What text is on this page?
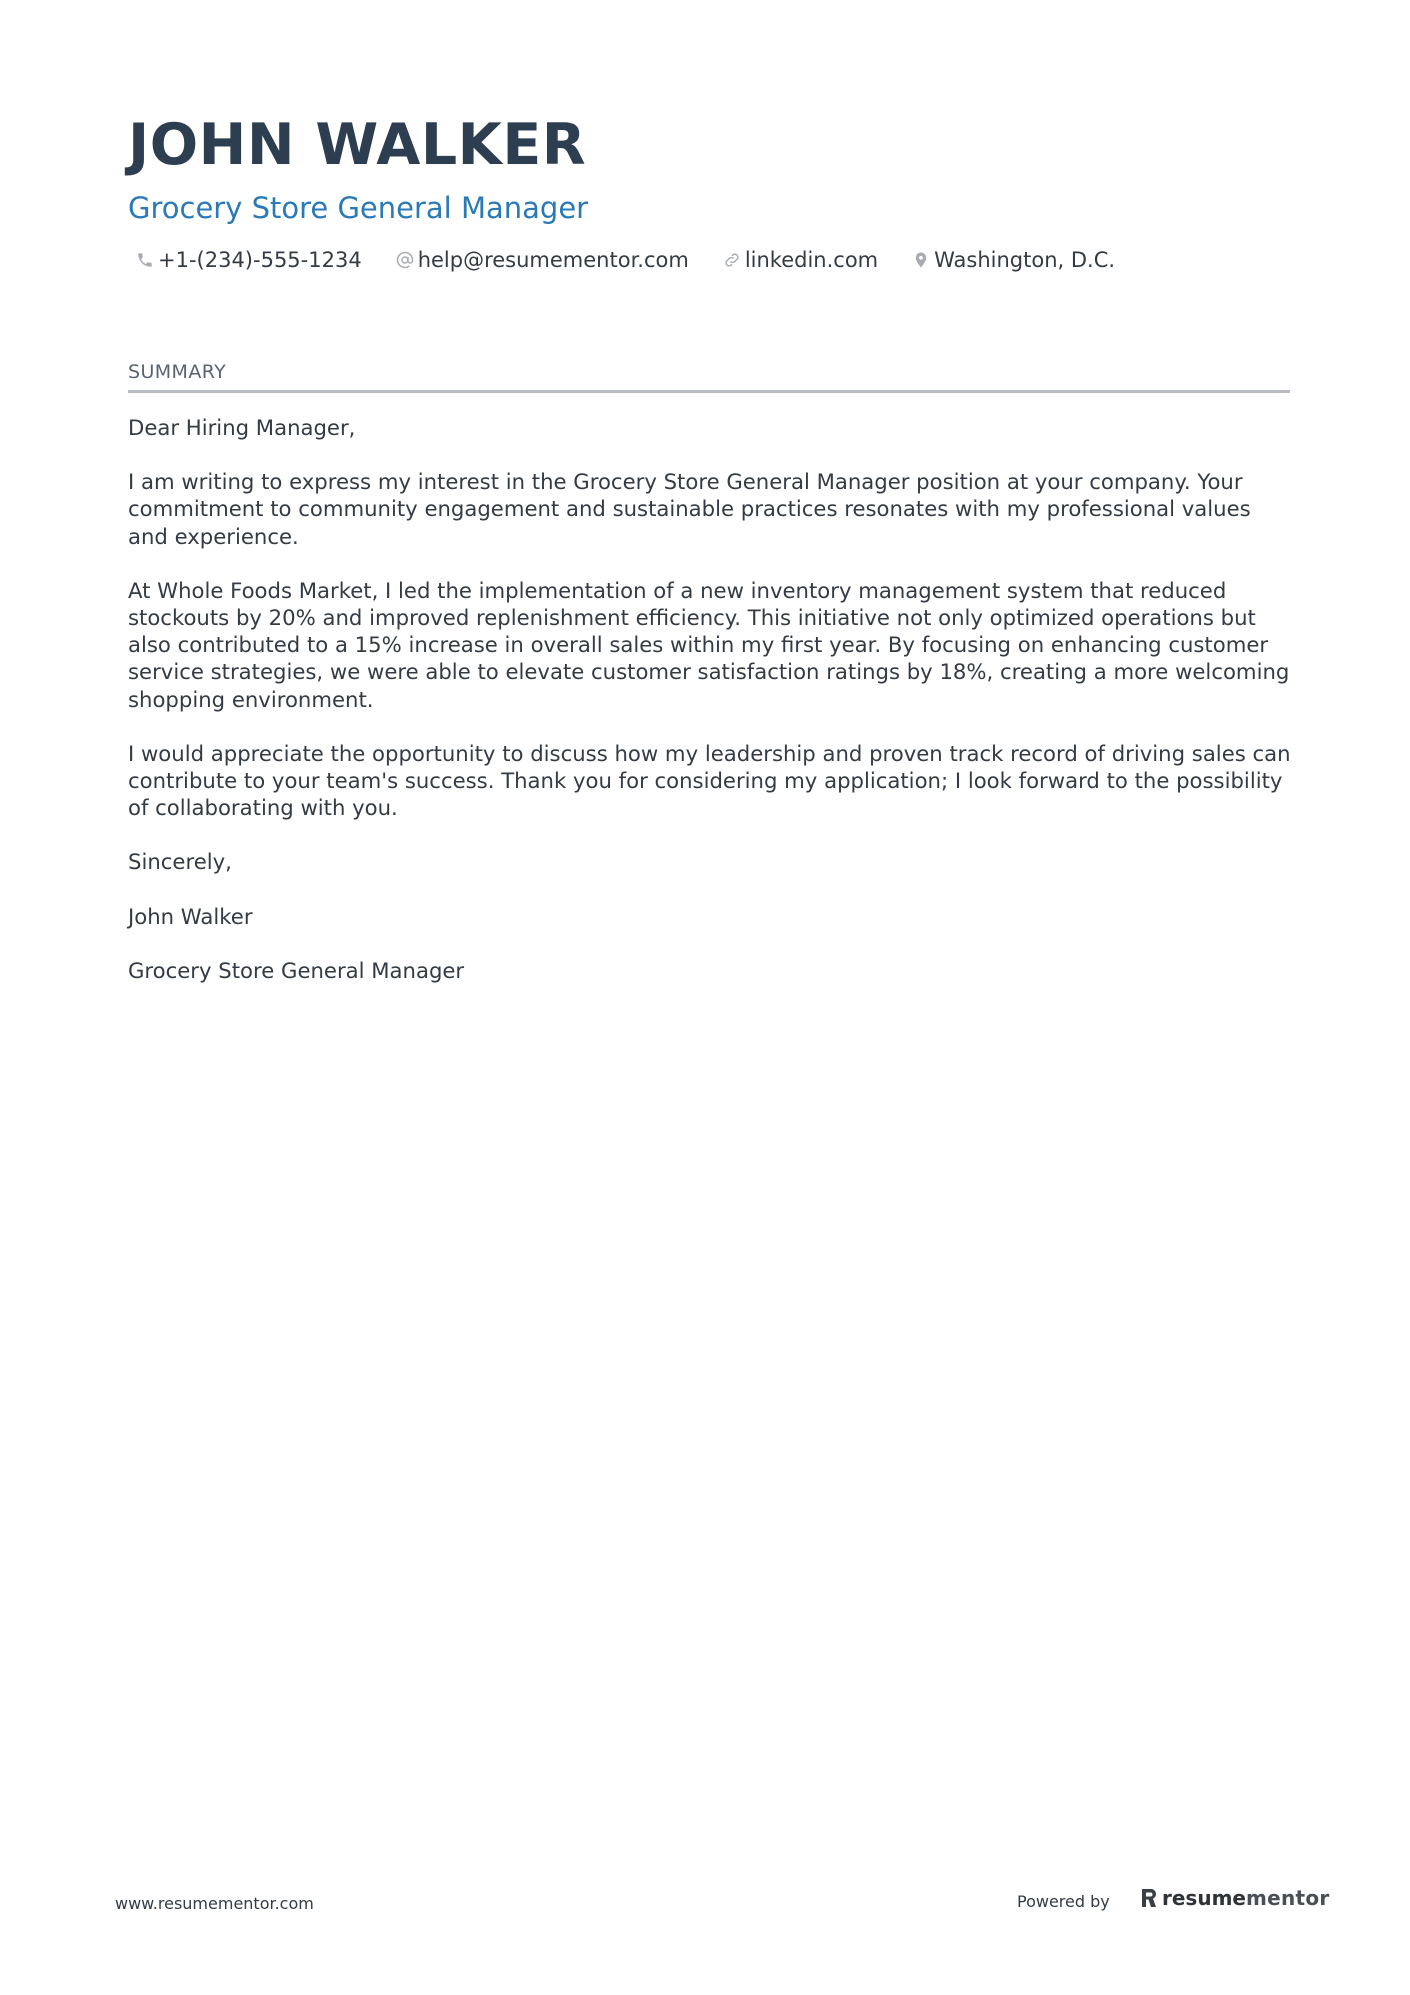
JOHN WALKER
Grocery Store General Manager
+1-(234)-555-1234	help@resumementor.com	linkedin.com	Washington, D.C.
SUMMARY

Dear Hiring Manager,

I am writing to express my interest in the Grocery Store General Manager position at your company. Your commitment to community engagement and sustainable practices resonates with my professional values and experience.

At Whole Foods Market, I led the implementation of a new inventory management system that reduced stockouts by 20% and improved replenishment efficiency. This initiative not only optimized operations but also contributed to a 15% increase in overall sales within my first year. By focusing on enhancing customer service strategies, we were able to elevate customer satisfaction ratings by 18%, creating a more welcoming shopping environment.

I would appreciate the opportunity to discuss how my leadership and proven track record of driving sales can contribute to your team's success. Thank you for considering my application; I look forward to the possibility of collaborating with you.

Sincerely,

John Walker

Grocery Store General Manager

www.resumementor.com	Powered by	resume mentor
